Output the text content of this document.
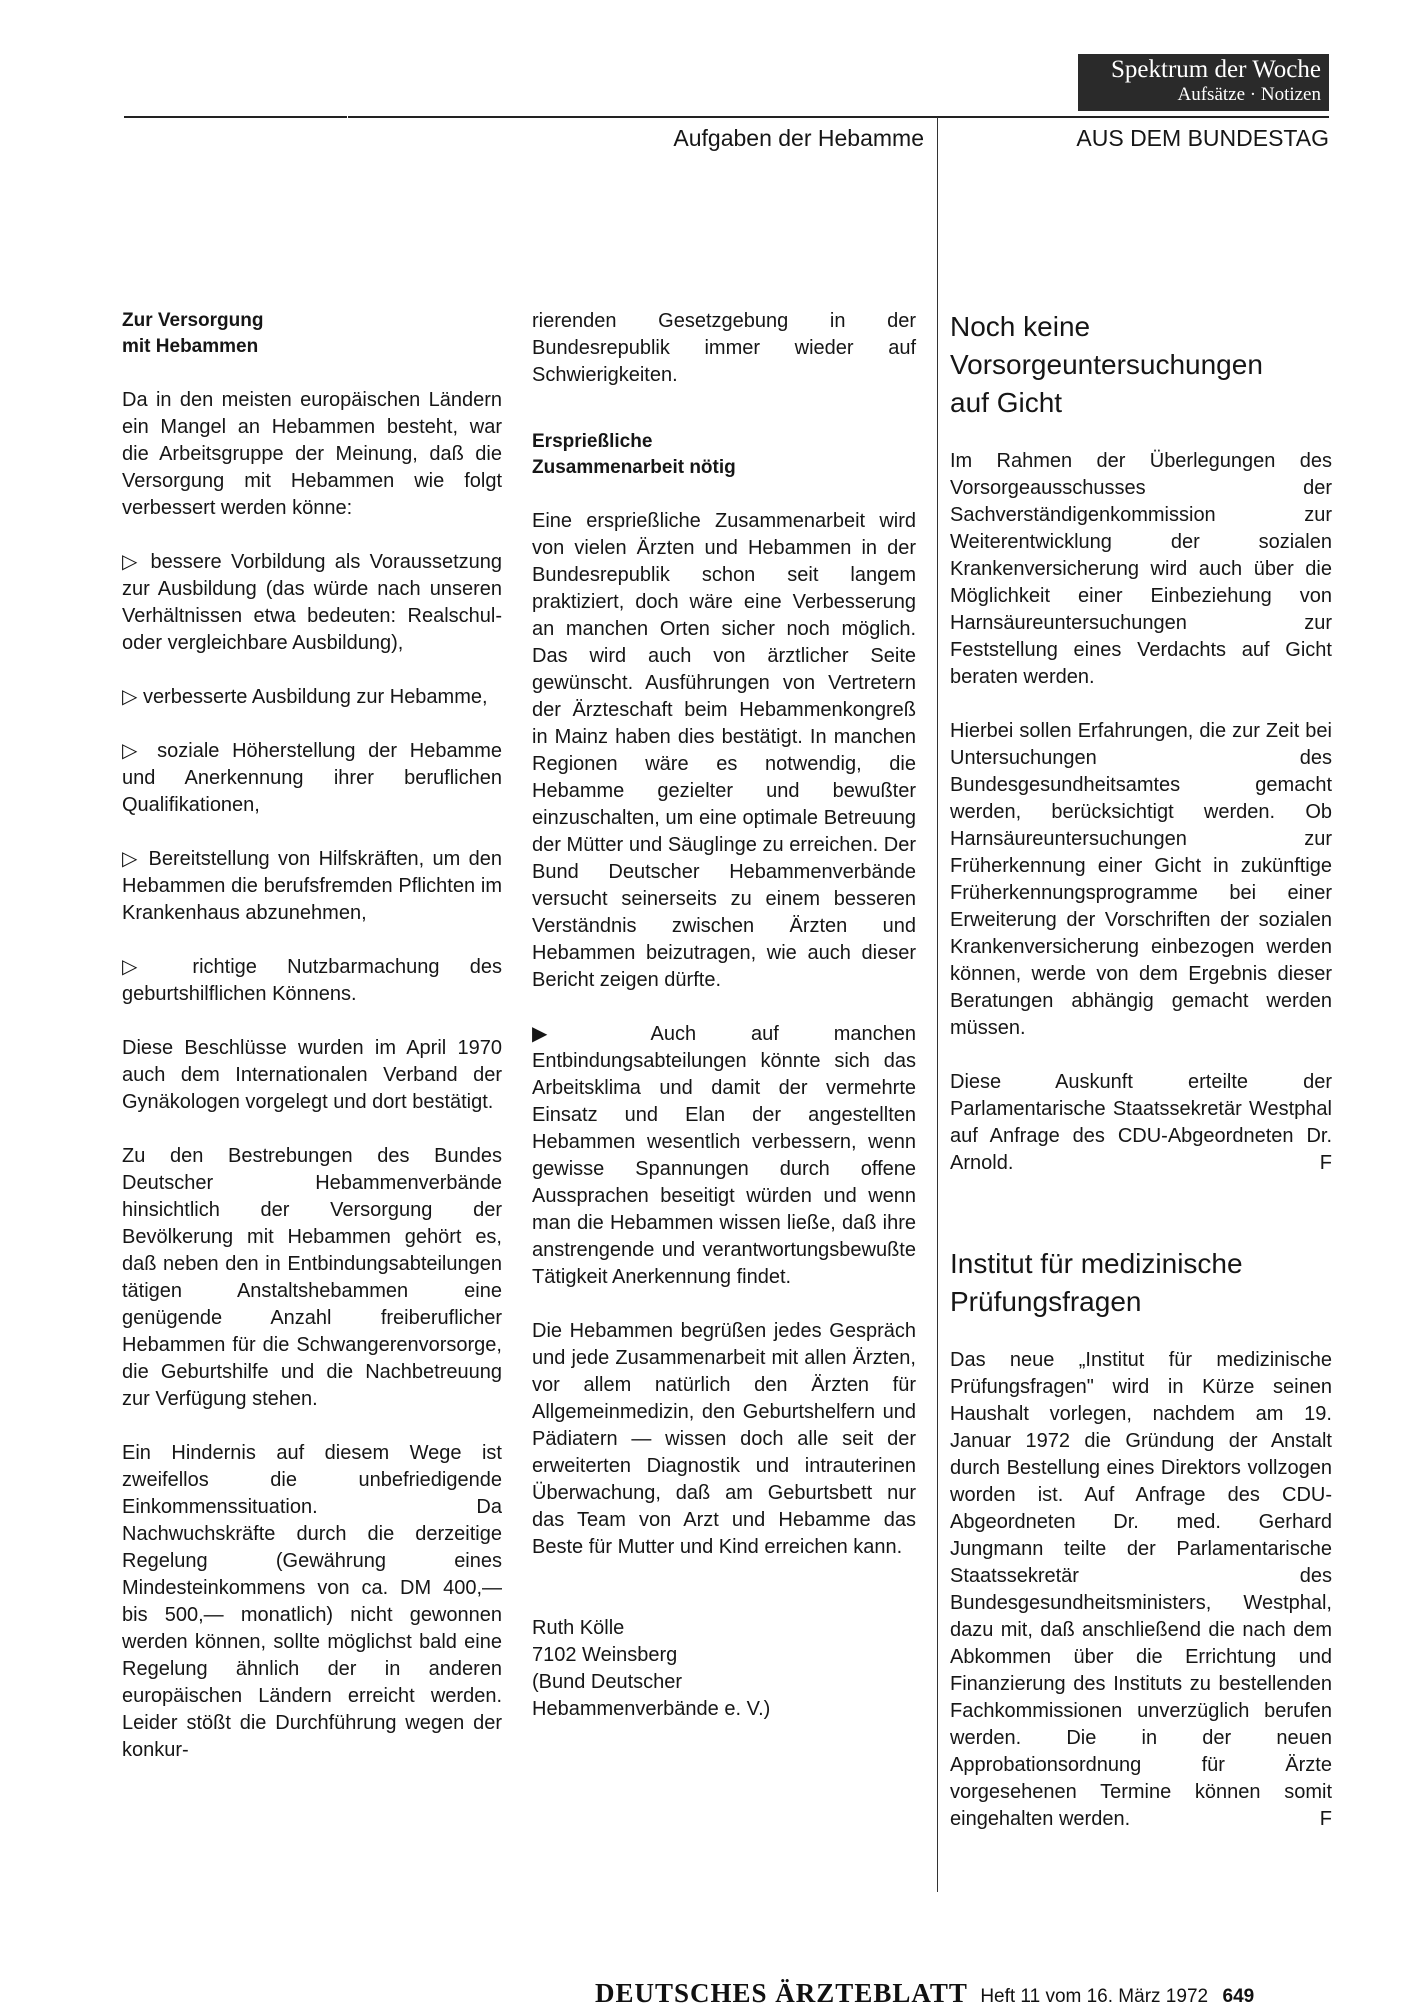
Spektrum der Woche
Aufsätze · Notizen
Aufgaben der Hebamme	AUS DEM BUNDESTAG
Zur Versorgung
mit Hebammen

Da in den meisten europäischen Ländern ein Mangel an Hebammen besteht, war die Arbeitsgruppe der Meinung, daß die Versorgung mit Hebammen wie folgt verbessert werden könne:

▷ bessere Vorbildung als Voraussetzung zur Ausbildung (das würde nach unseren Verhältnissen etwa bedeuten: Realschul- oder vergleichbare Ausbildung),

▷ verbesserte Ausbildung zur Hebamme,

▷ soziale Höherstellung der Hebamme und Anerkennung ihrer beruflichen Qualifikationen,

▷ Bereitstellung von Hilfskräften, um den Hebammen die berufsfremden Pflichten im Krankenhaus abzunehmen,

▷ richtige Nutzbarmachung des geburtshilflichen Könnens.

Diese Beschlüsse wurden im April 1970 auch dem Internationalen Verband der Gynäkologen vorgelegt und dort bestätigt.

Zu den Bestrebungen des Bundes Deutscher Hebammenverbände hinsichtlich der Versorgung der Bevölkerung mit Hebammen gehört es, daß neben den in Entbindungsabteilungen tätigen Anstaltshebammen eine genügende Anzahl freiberuflicher Hebammen für die Schwangerenvorsorge, die Geburtshilfe und die Nachbetreuung zur Verfügung stehen.

Ein Hindernis auf diesem Wege ist zweifellos die unbefriedigende Einkommenssituation. Da Nachwuchskräfte durch die derzeitige Regelung (Gewährung eines Mindesteinkommens von ca. DM 400,— bis 500,— monatlich) nicht gewonnen werden können, sollte möglichst bald eine Regelung ähnlich der in anderen europäischen Ländern erreicht werden. Leider stößt die Durchführung wegen der konkur-

rierenden Gesetzgebung in der Bundesrepublik immer wieder auf Schwierigkeiten.

Ersprießliche
Zusammenarbeit nötig

Eine ersprießliche Zusammenarbeit wird von vielen Ärzten und Hebammen in der Bundesrepublik schon seit langem praktiziert, doch wäre eine Verbesserung an manchen Orten sicher noch möglich. Das wird auch von ärztlicher Seite gewünscht. Ausführungen von Vertretern der Ärzteschaft beim Hebammenkongreß in Mainz haben dies bestätigt. In manchen Regionen wäre es notwendig, die Hebamme gezielter und bewußter einzuschalten, um eine optimale Betreuung der Mütter und Säuglinge zu erreichen. Der Bund Deutscher Hebammenverbände versucht seinerseits zu einem besseren Verständnis zwischen Ärzten und Hebammen beizutragen, wie auch dieser Bericht zeigen dürfte.

▶ Auch auf manchen Entbindungsabteilungen könnte sich das Arbeitsklima und damit der vermehrte Einsatz und Elan der angestellten Hebammen wesentlich verbessern, wenn gewisse Spannungen durch offene Aussprachen beseitigt würden und wenn man die Hebammen wissen ließe, daß ihre anstrengende und verantwortungsbewußte Tätigkeit Anerkennung findet.

Die Hebammen begrüßen jedes Gespräch und jede Zusammenarbeit mit allen Ärzten, vor allem natürlich den Ärzten für Allgemeinmedizin, den Geburtshelfern und Pädiatern — wissen doch alle seit der erweiterten Diagnostik und intrauterinen Überwachung, daß am Geburtsbett nur das Team von Arzt und Hebamme das Beste für Mutter und Kind erreichen kann.

Ruth Kölle
7102 Weinsberg
(Bund Deutscher
Hebammenverbände e. V.)

Noch keine
Vorsorgeuntersuchungen
auf Gicht

Im Rahmen der Überlegungen des Vorsorgeausschusses der Sachverständigenkommission zur Weiterentwicklung der sozialen Krankenversicherung wird auch über die Möglichkeit einer Einbeziehung von Harnsäureuntersuchungen zur Feststellung eines Verdachts auf Gicht beraten werden.

Hierbei sollen Erfahrungen, die zur Zeit bei Untersuchungen des Bundesgesundheitsamtes gemacht werden, berücksichtigt werden. Ob Harnsäureuntersuchungen zur Früherkennung einer Gicht in zukünftige Früherkennungsprogramme bei einer Erweiterung der Vorschriften der sozialen Krankenversicherung einbezogen werden können, werde von dem Ergebnis dieser Beratungen abhängig gemacht werden müssen.

Diese Auskunft erteilte der Parlamentarische Staatssekretär Westphal auf Anfrage des CDU-Abgeordneten Dr. Arnold.	F

Institut für medizinische
Prüfungsfragen

Das neue „Institut für medizinische Prüfungsfragen" wird in Kürze seinen Haushalt vorlegen, nachdem am 19. Januar 1972 die Gründung der Anstalt durch Bestellung eines Direktors vollzogen worden ist. Auf Anfrage des CDU-Abgeordneten Dr. med. Gerhard Jungmann teilte der Parlamentarische Staatssekretär des Bundesgesundheitsministers, Westphal, dazu mit, daß anschließend die nach dem Abkommen über die Errichtung und Finanzierung des Instituts zu bestellenden Fachkommissionen unverzüglich berufen werden. Die in der neuen Approbationsordnung für Ärzte vorgesehenen Termine können somit eingehalten werden.	F

DEUTSCHES ÄRZTEBLATT Heft 11 vom 16. März 1972 649
